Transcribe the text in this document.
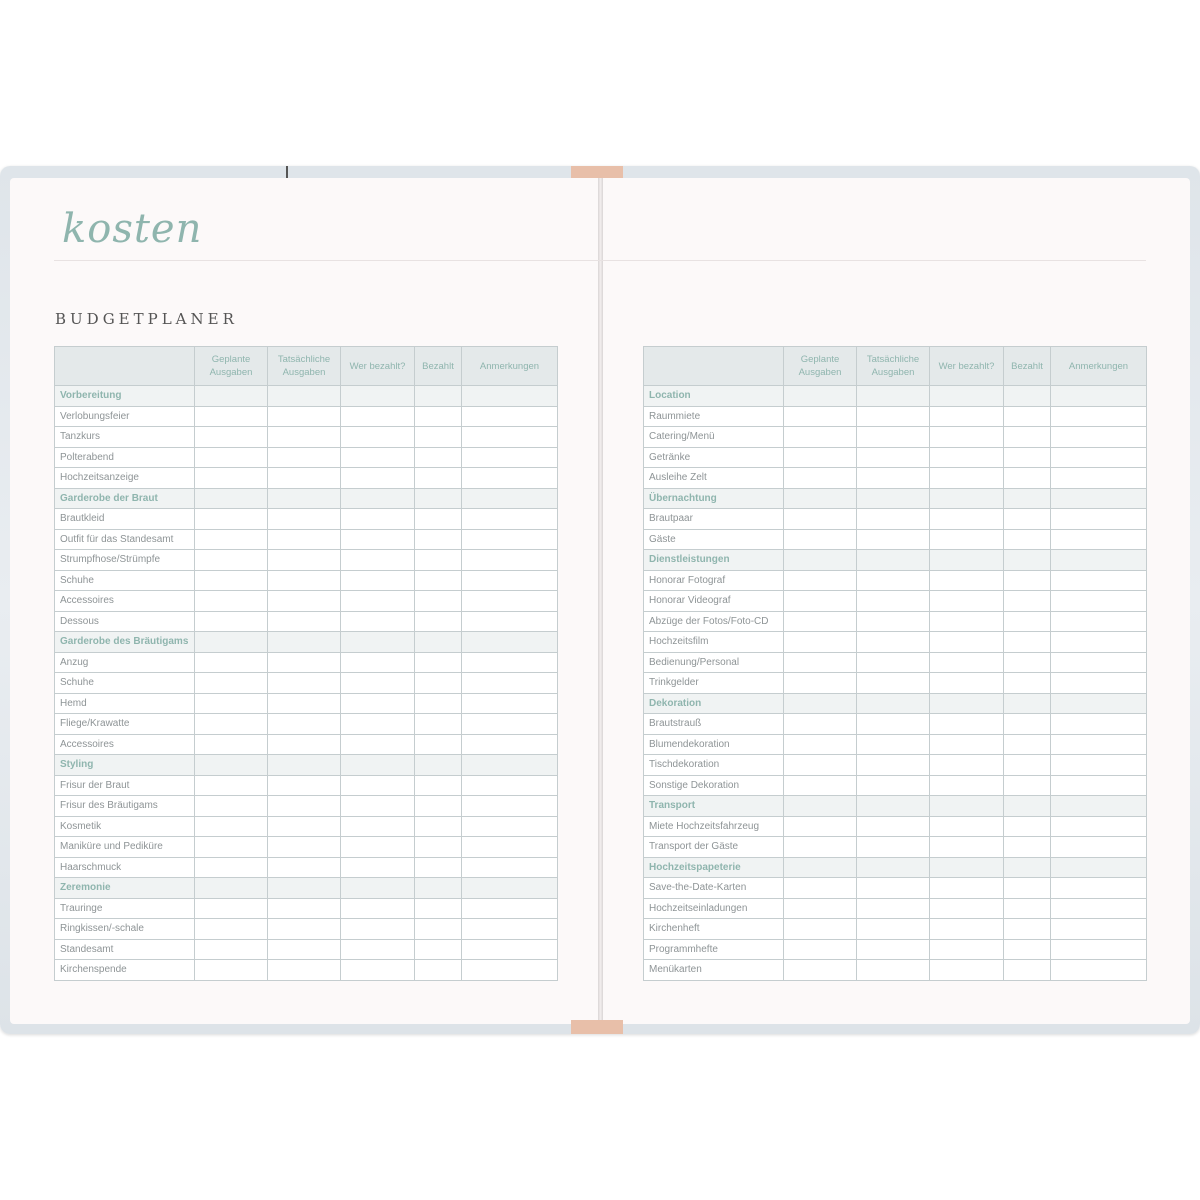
kosten
BUDGETPLANER
	Geplante Ausgaben	Tatsächliche Ausgaben	Wer bezahlt?	Bezahlt	Anmerkungen
Vorbereitung					
Verlobungsfeier					
Tanzkurs					
Polterabend					
Hochzeitsanzeige					
Garderobe der Braut					
Brautkleid					
Outfit für das Standesamt					
Strumpfhose/Strümpfe					
Schuhe					
Accessoires					
Dessous					
Garderobe des Bräutigams					
Anzug					
Schuhe					
Hemd					
Fliege/Krawatte					
Accessoires					
Styling					
Frisur der Braut					
Frisur des Bräutigams					
Kosmetik					
Maniküre und Pediküre					
Haarschmuck					
Zeremonie					
Trauringe					
Ringkissen/-schale					
Standesamt					
Kirchenspende					
	Geplante Ausgaben	Tatsächliche Ausgaben	Wer bezahlt?	Bezahlt	Anmerkungen
Location					
Raummiete					
Catering/Menü					
Getränke					
Ausleihe Zelt					
Übernachtung					
Brautpaar					
Gäste					
Dienstleistungen					
Honorar Fotograf					
Honorar Videograf					
Abzüge der Fotos/Foto-CD					
Hochzeitsfilm					
Bedienung/Personal					
Trinkgelder					
Dekoration					
Brautstrauß					
Blumendekoration					
Tischdekoration					
Sonstige Dekoration					
Transport					
Miete Hochzeitsfahrzeug					
Transport der Gäste					
Hochzeitspapeterie					
Save-the-Date-Karten					
Hochzeitseinladungen					
Kirchenheft					
Programmhefte					
Menükarten					
